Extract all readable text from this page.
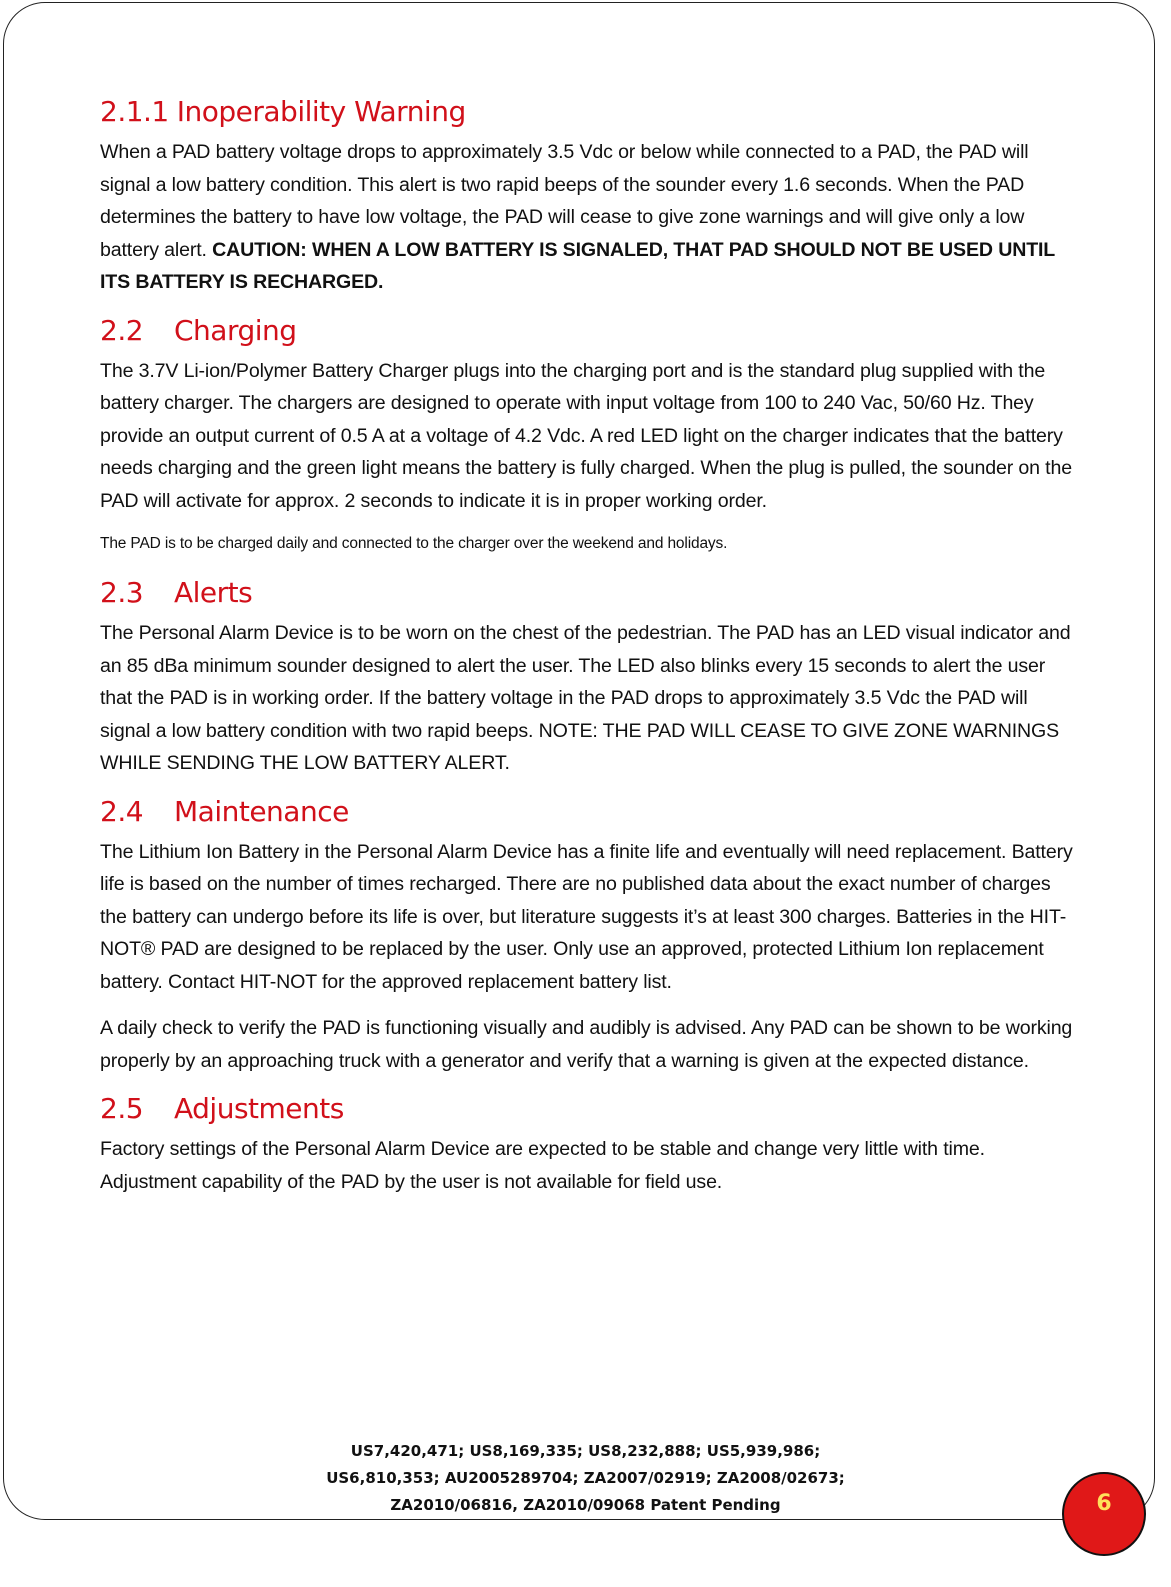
2.1.1 Inoperability Warning

When a PAD battery voltage drops to approximately 3.5 Vdc or below while connected to a PAD, the PAD will signal a low battery condition. This alert is two rapid beeps of the sounder every 1.6 seconds. When the PAD determines the battery to have low voltage, the PAD will cease to give zone warnings and will give only a low battery alert. CAUTION: WHEN A LOW BATTERY IS SIGNALED, THAT PAD SHOULD NOT BE USED UNTIL ITS BATTERY IS RECHARGED.

2.2 Charging

The 3.7V Li-ion/Polymer Battery Charger plugs into the charging port and is the standard plug supplied with the battery charger. The chargers are designed to operate with input voltage from 100 to 240 Vac, 50/60 Hz. They provide an output current of 0.5 A at a voltage of 4.2 Vdc. A red LED light on the charger indicates that the battery needs charging and the green light means the battery is fully charged. When the plug is pulled, the sounder on the PAD will activate for approx. 2 seconds to indicate it is in proper working order.

The PAD is to be charged daily and connected to the charger over the weekend and holidays.

2.3 Alerts

The Personal Alarm Device is to be worn on the chest of the pedestrian. The PAD has an LED visual indicator and an 85 dBa minimum sounder designed to alert the user. The LED also blinks every 15 seconds to alert the user that the PAD is in working order. If the battery voltage in the PAD drops to approximately 3.5 Vdc the PAD will signal a low battery condition with two rapid beeps. NOTE: THE PAD WILL CEASE TO GIVE ZONE WARNINGS WHILE SENDING THE LOW BATTERY ALERT.

2.4 Maintenance

The Lithium Ion Battery in the Personal Alarm Device has a finite life and eventually will need replacement. Battery life is based on the number of times recharged. There are no published data about the exact number of charges the battery can undergo before its life is over, but literature suggests it’s at least 300 charges. Batteries in the HIT-NOT® PAD are designed to be replaced by the user. Only use an approved, protected Lithium Ion replacement battery. Contact HIT-NOT for the approved replacement battery list.

A daily check to verify the PAD is functioning visually and audibly is advised. Any PAD can be shown to be working properly by an approaching truck with a generator and verify that a warning is given at the expected distance.

2.5 Adjustments

Factory settings of the Personal Alarm Device are expected to be stable and change very little with time. Adjustment capability of the PAD by the user is not available for field use.

US7,420,471; US8,169,335; US8,232,888; US5,939,986;
US6,810,353; AU2005289704; ZA2007/02919; ZA2008/02673;
ZA2010/06816, ZA2010/09068 Patent Pending	6
